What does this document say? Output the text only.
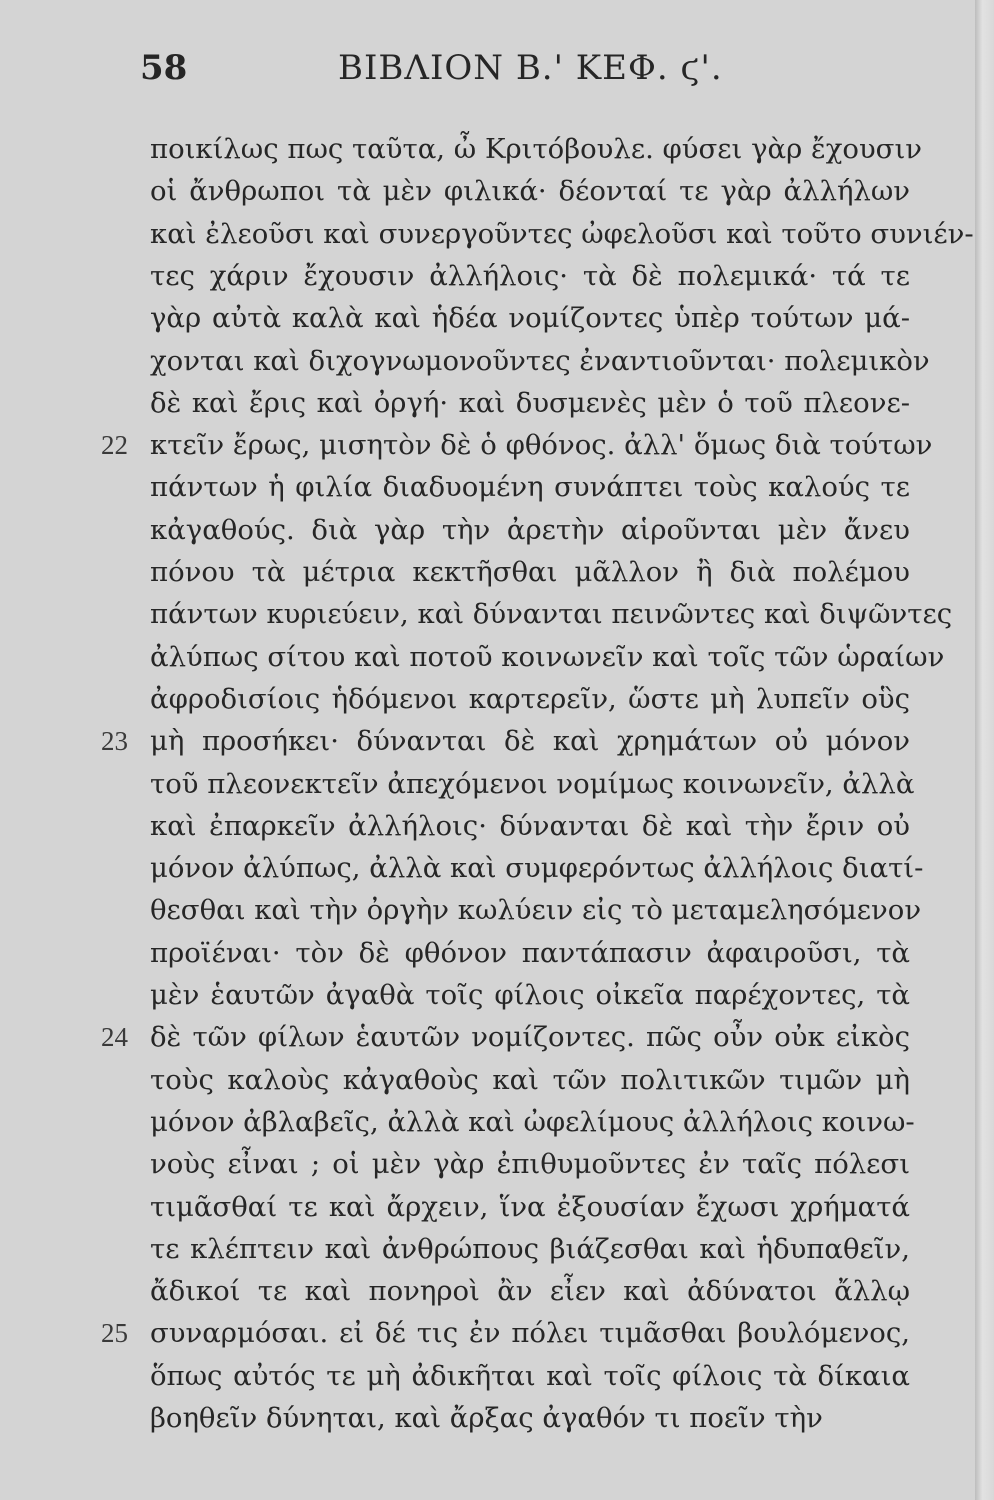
58	ΒΙΒΛΙΟΝ Β.' ΚΕΦ. ϛ'.
ποικίλως πως ταῦτα, ὦ Κριτόβουλε. φύσει γὰρ ἔχουσιν
οἱ ἄνθρωποι τὰ μὲν φιλικά· δέονταί τε γὰρ ἀλλήλων
καὶ ἐλεοῦσι καὶ συνεργοῦντες ὠφελοῦσι καὶ τοῦτο συνιέν-
τες χάριν ἔχουσιν ἀλλήλοις· τὰ δὲ πολεμικά· τά τε
γὰρ αὐτὰ καλὰ καὶ ἡδέα νομίζοντες ὑπὲρ τούτων μά-
χονται καὶ διχογνωμονοῦντες ἐναντιοῦνται· πολεμικὸν
δὲ καὶ ἔρις καὶ ὀργή· καὶ δυσμενὲς μὲν ὁ τοῦ πλεονε-
κτεῖν ἔρως, μισητὸν δὲ ὁ φθόνος. ἀλλ' ὅμως διὰ τούτων
πάντων ἡ φιλία διαδυομένη συνάπτει τοὺς καλούς τε
κἀγαθούς. διὰ γὰρ τὴν ἀρετὴν αἱροῦνται μὲν ἄνευ
πόνου τὰ μέτρια κεκτῆσθαι μᾶλλον ἢ διὰ πολέμου
πάντων κυριεύειν, καὶ δύνανται πεινῶντες καὶ διψῶντες
ἀλύπως σίτου καὶ ποτοῦ κοινωνεῖν καὶ τοῖς τῶν ὡραίων
ἀφροδισίοις ἡδόμενοι καρτερεῖν, ὥστε μὴ λυπεῖν οὓς
μὴ προσήκει· δύνανται δὲ καὶ χρημάτων οὐ μόνον
τοῦ πλεονεκτεῖν ἀπεχόμενοι νομίμως κοινωνεῖν, ἀλλὰ
καὶ ἐπαρκεῖν ἀλλήλοις· δύνανται δὲ καὶ τὴν ἔριν οὐ
μόνον ἀλύπως, ἀλλὰ καὶ συμφερόντως ἀλλήλοις διατί-
θεσθαι καὶ τὴν ὀργὴν κωλύειν εἰς τὸ μεταμελησόμενον
προϊέναι· τὸν δὲ φθόνον παντάπασιν ἀφαιροῦσι, τὰ
μὲν ἑαυτῶν ἀγαθὰ τοῖς φίλοις οἰκεῖα παρέχοντες, τὰ
δὲ τῶν φίλων ἑαυτῶν νομίζοντες. πῶς οὖν οὐκ εἰκὸς
τοὺς καλοὺς κἀγαθοὺς καὶ τῶν πολιτικῶν τιμῶν μὴ
μόνον ἀβλαβεῖς, ἀλλὰ καὶ ὠφελίμους ἀλλήλοις κοινω-
νοὺς εἶναι ; οἱ μὲν γὰρ ἐπιθυμοῦντες ἐν ταῖς πόλεσι
τιμᾶσθαί τε καὶ ἄρχειν, ἵνα ἐξουσίαν ἔχωσι χρήματά
τε κλέπτειν καὶ ἀνθρώπους βιάζεσθαι καὶ ἡδυπαθεῖν,
ἄδικοί τε καὶ πονηροὶ ἂν εἶεν καὶ ἀδύνατοι ἄλλῳ
συναρμόσαι. εἰ δέ τις ἐν πόλει τιμᾶσθαι βουλόμενος,
ὅπως αὐτός τε μὴ ἀδικῆται καὶ τοῖς φίλοις τὰ δίκαια
βοηθεῖν δύνηται, καὶ ἄρξας ἀγαθόν τι ποεῖν τὴν
22
23
24
25
